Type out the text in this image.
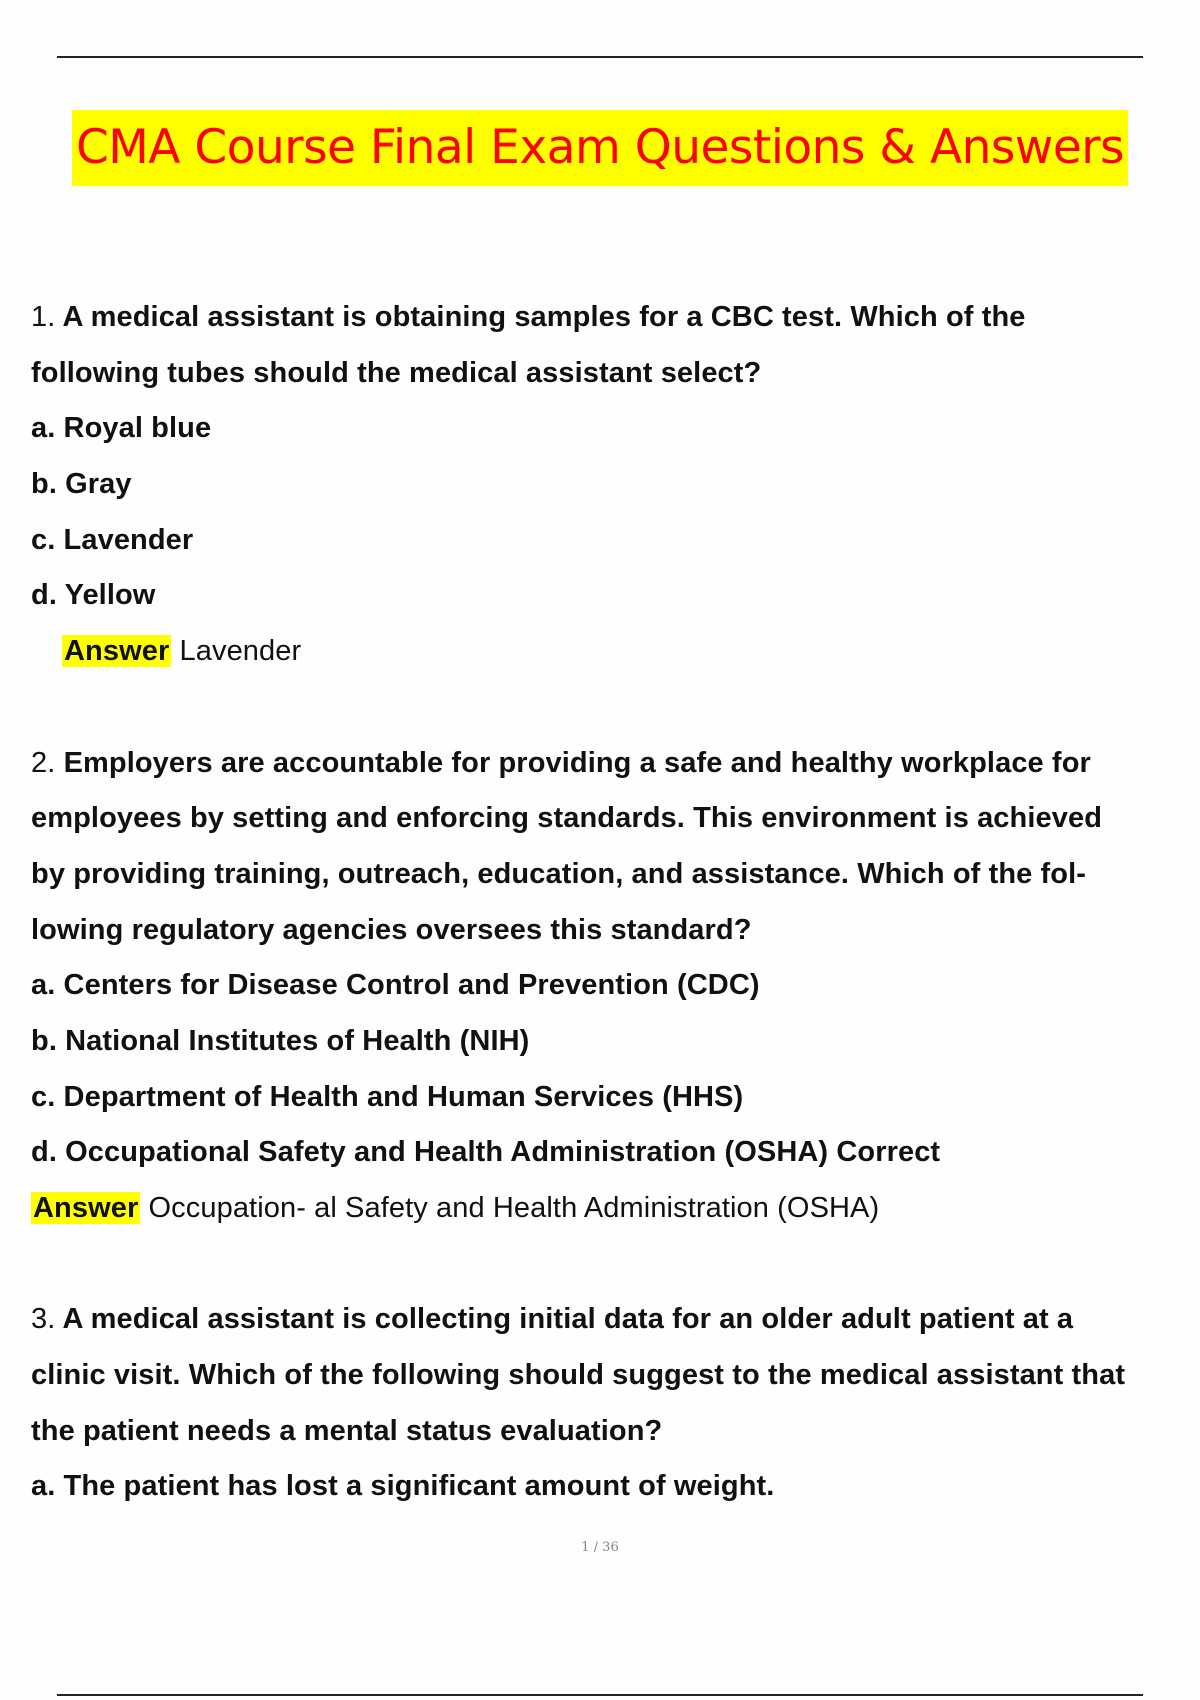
CMA Course Final Exam Questions & Answers
1. A medical assistant is obtaining samples for a CBC test. Which of the
following tubes should the medical assistant select?
a. Royal blue
b. Gray
c. Lavender
d. Yellow
Answer Lavender
2. Employers are accountable for providing a safe and healthy workplace for
employees by setting and enforcing standards. This environment is achieved
by providing training, outreach, education, and assistance. Which of the fol-
lowing regulatory agencies oversees this standard?
a. Centers for Disease Control and Prevention (CDC)
b. National Institutes of Health (NIH)
c. Department of Health and Human Services (HHS)
d. Occupational Safety and Health Administration (OSHA) Correct
Answer Occupation- al Safety and Health Administration (OSHA)
3. A medical assistant is collecting initial data for an older adult patient at a
clinic visit. Which of the following should suggest to the medical assistant that
the patient needs a mental status evaluation?
a. The patient has lost a significant amount of weight.
1 / 36
